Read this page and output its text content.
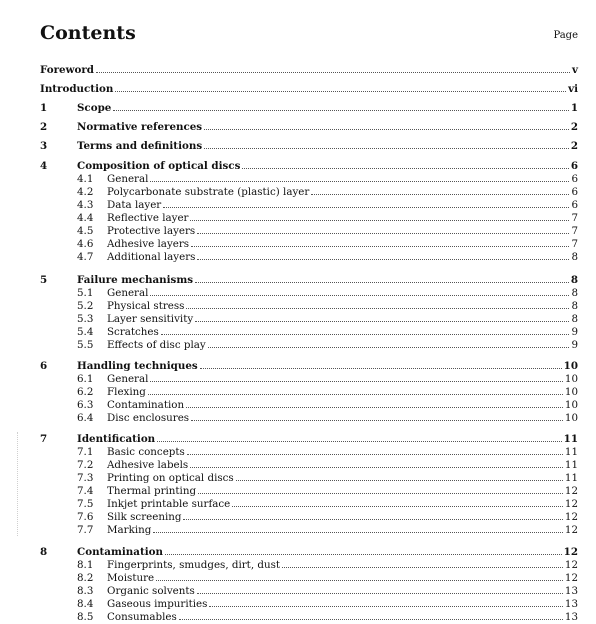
Contents	Page
Foreword	v
Introduction	vi
1	Scope	1
2	Normative references	2
3	Terms and definitions	2
4	Composition of optical discs	6
4.1	General	6
4.2	Polycarbonate substrate (plastic) layer	6
4.3	Data layer	6
4.4	Reflective layer	7
4.5	Protective layers	7
4.6	Adhesive layers	7
4.7	Additional layers	8
5	Failure mechanisms	8
5.1	General	8
5.2	Physical stress	8
5.3	Layer sensitivity	8
5.4	Scratches	9
5.5	Effects of disc play	9
6	Handling techniques	10
6.1	General	10
6.2	Flexing	10
6.3	Contamination	10
6.4	Disc enclosures	10
7	Identification	11
7.1	Basic concepts	11
7.2	Adhesive labels	11
7.3	Printing on optical discs	11
7.4	Thermal printing	12
7.5	Inkjet printable surface	12
7.6	Silk screening	12
7.7	Marking	12
8	Contamination	12
8.1	Fingerprints, smudges, dirt, dust	12
8.2	Moisture	12
8.3	Organic solvents	13
8.4	Gaseous impurities	13
8.5	Consumables	13
